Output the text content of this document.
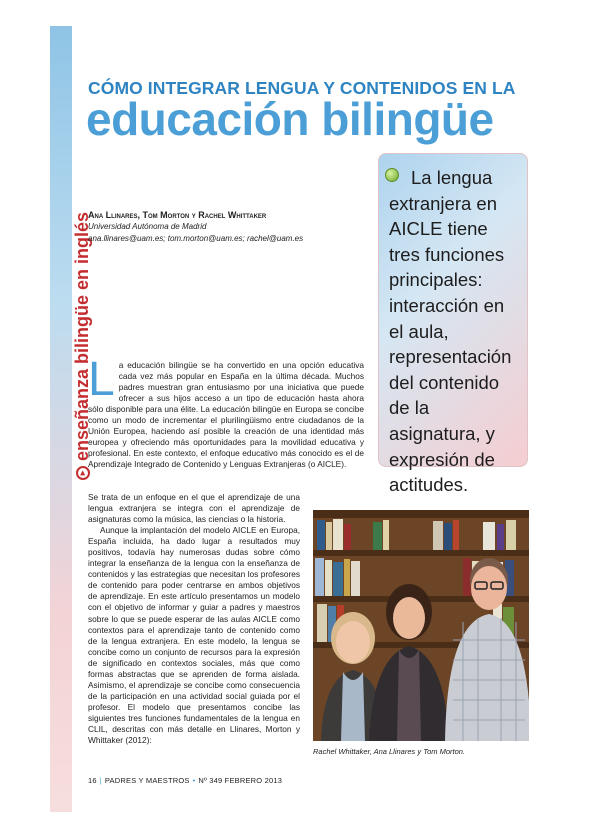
▸
enseñanza bilingüe en inglés
CÓMO INTEGRAR LENGUA Y CONTENIDOS EN LA
educación bilingüe
Ana Llinares, Tom Morton y Rachel Whittaker
Universidad Autónoma de Madrid
ana.llinares@uam.es; tom.morton@uam.es; rachel@uam.es

La lengua extranjera en AICLE tiene tres funciones principales: interacción en el aula, representación del contenido de la asignatura, y expresión de actitudes.

L a educación bilingüe se ha convertido en una opción educativa cada vez más popular en España en la última década. Muchos padres muestran gran entusiasmo por una iniciativa que puede ofrecer a sus hijos acceso a un tipo de educación hasta ahora sólo disponible para una élite. La educación bilingüe en Europa se concibe como un modo de incrementar el plurilingüismo entre ciudadanos de la Unión Europea, haciendo así posible la creación de una identidad más europea y ofreciendo más oportunidades para la movilidad educativa y profesional. En este contexto, el enfoque educativo más conocido es el de Aprendizaje Integrado de Contenido y Lenguas Extranjeras (o AICLE).

Se trata de un enfoque en el que el aprendizaje de una lengua extranjera se integra con el aprendizaje de asignaturas como la música, las ciencias o la historia.

Aunque la implantación del modelo AICLE en Europa, España incluida, ha dado lugar a resultados muy positivos, todavía hay numerosas dudas sobre cómo integrar la enseñanza de la lengua con la enseñanza de contenidos y las estrategias que necesitan los profesores de contenido para poder centrarse en ambos objetivos de aprendizaje. En este artículo presentamos un modelo con el objetivo de informar y guiar a padres y maestros sobre lo que se puede esperar de las aulas AICLE como contextos para el aprendizaje tanto de contenido como de la lengua extranjera. En este modelo, la lengua se concibe como un conjunto de recursos para la expresión de significado en contextos sociales, más que como formas abstractas que se aprenden de forma aislada. Asimismo, el aprendizaje se concibe como consecuencia de la participación en una actividad social guiada por el profesor. El modelo que presentamos concibe las siguientes tres funciones fundamentales de la lengua en CLIL, descritas con más detalle en Llinares, Morton y Whittaker (2012):

Rachel Whittaker, Ana Llinares y Tom Morton.
16 | PADRES Y MAESTROS • Nº 349 FEBRERO 2013
